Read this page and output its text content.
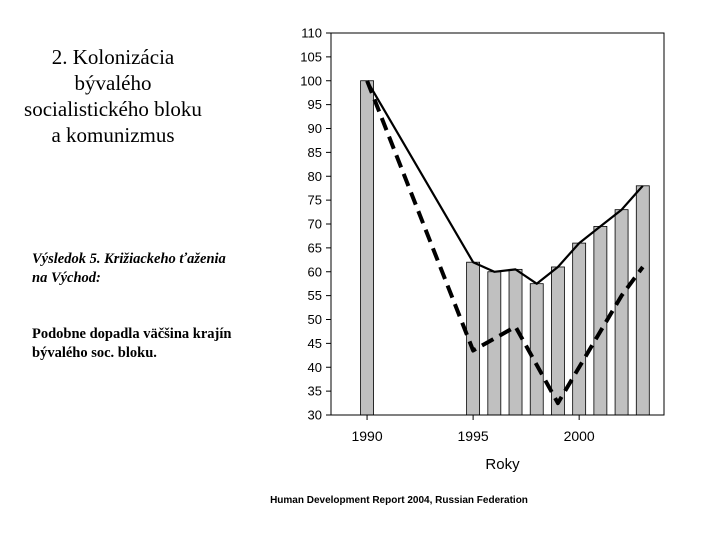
2. Kolonizácia bývalého socialistického bloku a komunizmus
Výsledok 5. Križiackeho ťaženia na Východ:
Podobne dopadla väčšina krajín bývalého soc. bloku.
30
35
40
45
50
55
60
65
70
75
80
85
90
95
100
105
110
1990	1995	2000
Roky
Human Development Report 2004, Russian Federation
